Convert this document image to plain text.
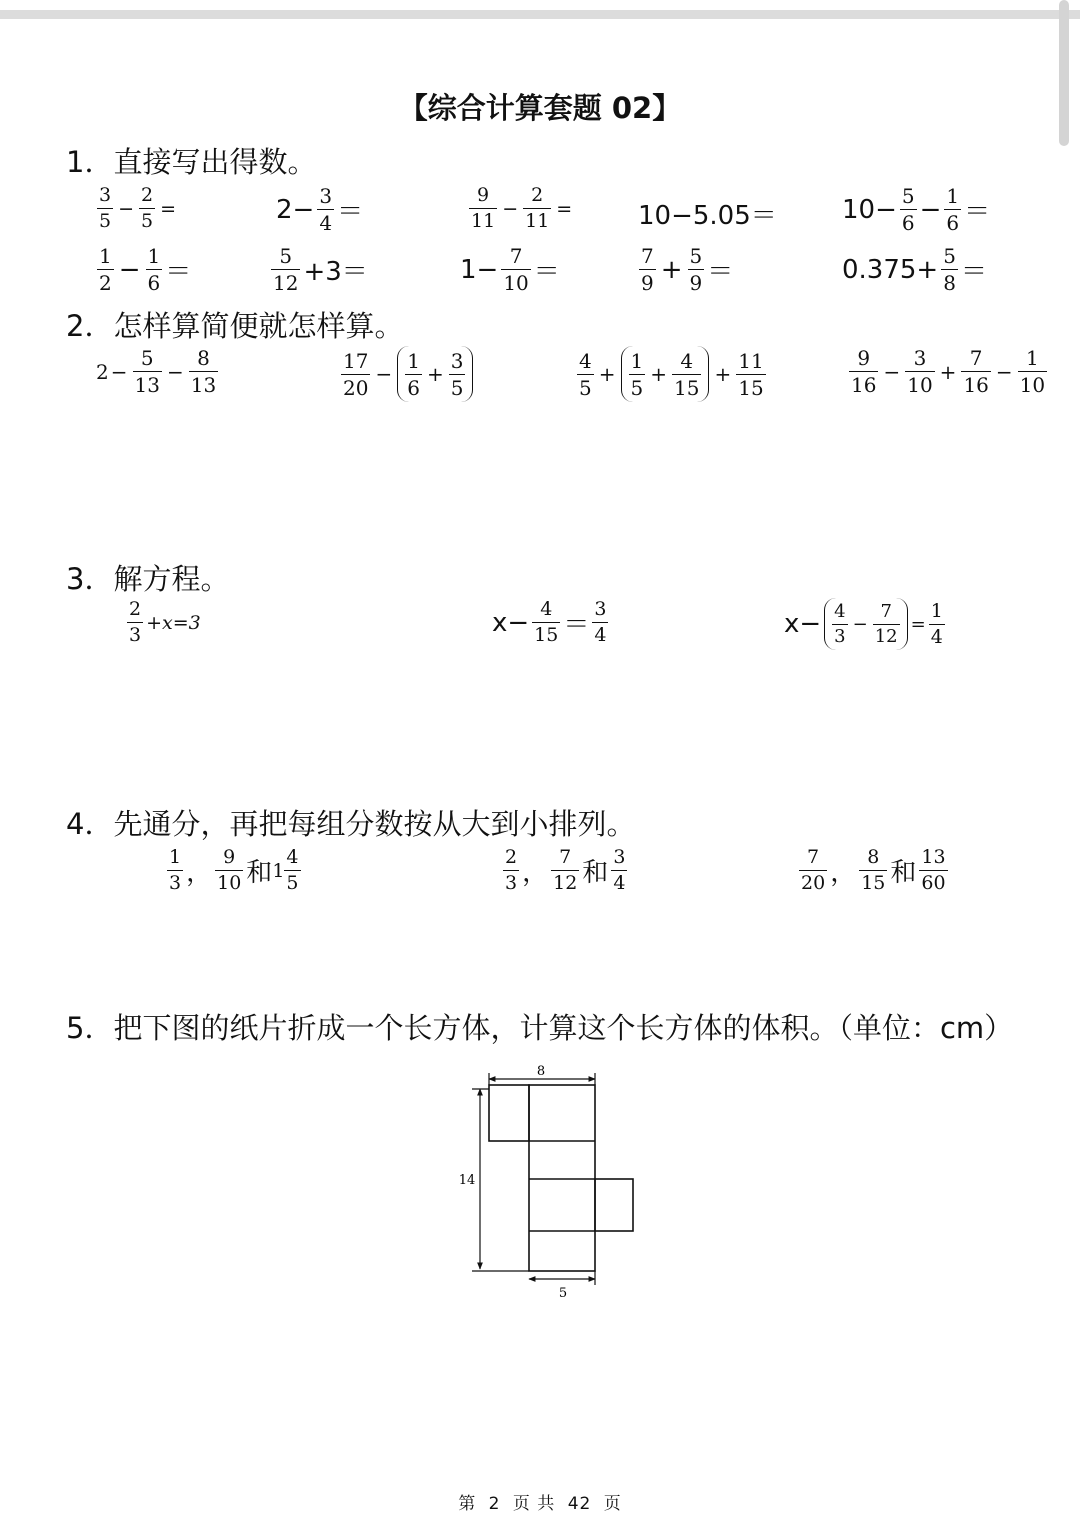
【综合计算套题 02】
1．直接写出得数。
$\frac{3}{5} - \frac{2}{5}$ =	$2- \frac{3}{4}$ ＝	$\frac{9}{11} - \frac{2}{11}$ =	10−5.05＝	$10- \frac{5}{6} - \frac{1}{6}$ ＝
$\frac{1}{2} - \frac{1}{6}$ ＝	$\frac{5}{12} +3=$	$1- \frac{7}{10}$ ＝	$\frac{7}{9} + \frac{5}{9}$ ＝	$0.375+ \frac{5}{8}$ ＝
2．怎样算简便就怎样算。
$2 - \frac{5}{13} - \frac{8}{13}$	$\frac{17}{20} - \frac{1}{6} + \frac{3}{5}$	$\frac{4}{5} + \frac{1}{5} + \frac{4}{15} + \frac{11}{15}$	$\frac{9}{16} - \frac{3}{10} + \frac{7}{16} - \frac{1}{10}$
3．解方程。
$\frac{2}{3} +x=3$	$x- \frac{4}{15} = \frac{3}{4}$	$x- \frac{4}{3} - \frac{7}{12} = \frac{1}{4}$
4．先通分，再把每组分数按从大到小排列。
$\frac{1}{3}$ ， $\frac{9}{10}$ 和 $1 \frac{4}{5}$	$\frac{2}{3}$ ， $\frac{7}{12}$ 和 $\frac{3}{4}$	$\frac{7}{20}$ ， $\frac{8}{15}$ 和 $\frac{13}{60}$
5．把下图的纸片折成一个长方体，计算这个长方体的体积。（单位：cm）
8
14
5
第 2 页 共 42 页
